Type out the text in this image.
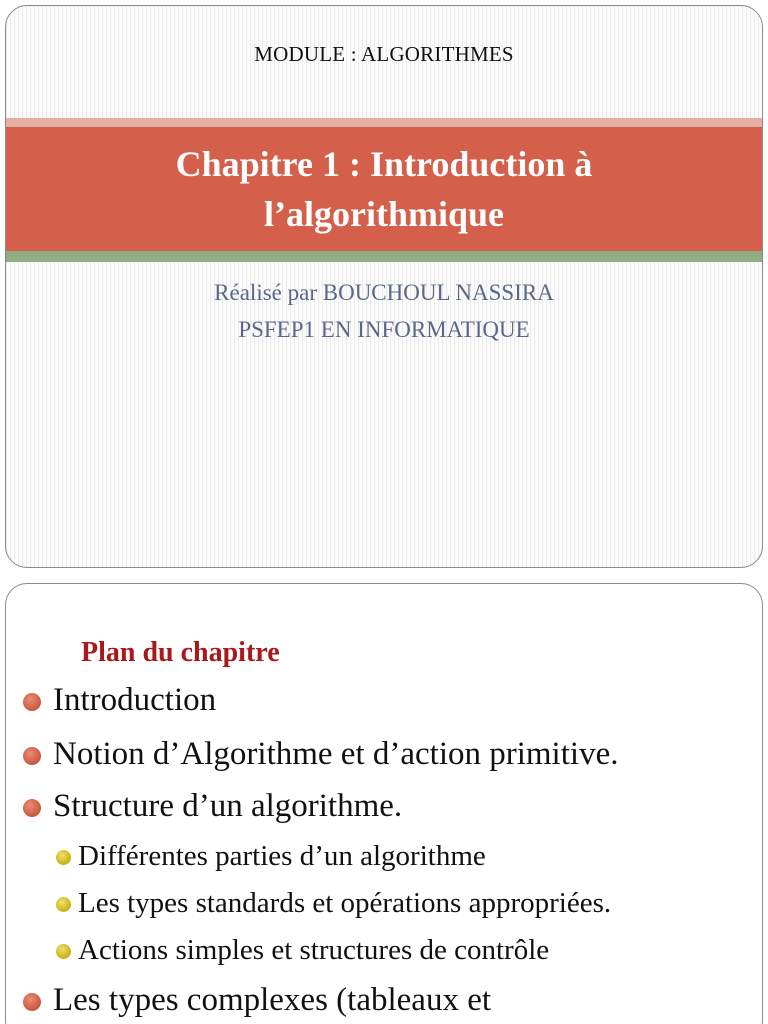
MODULE : ALGORITHMES
Chapitre 1 : Introduction à
l’algorithmique
Réalisé par BOUCHOUL NASSIRA
PSFEP1 EN INFORMATIQUE
Plan du chapitre
Introduction
Notion d’Algorithme et d’action primitive.
Structure d’un algorithme.
Différentes parties d’un algorithme
Les types standards et opérations appropriées.
Actions simples et structures de contrôle
Les types complexes (tableaux et
